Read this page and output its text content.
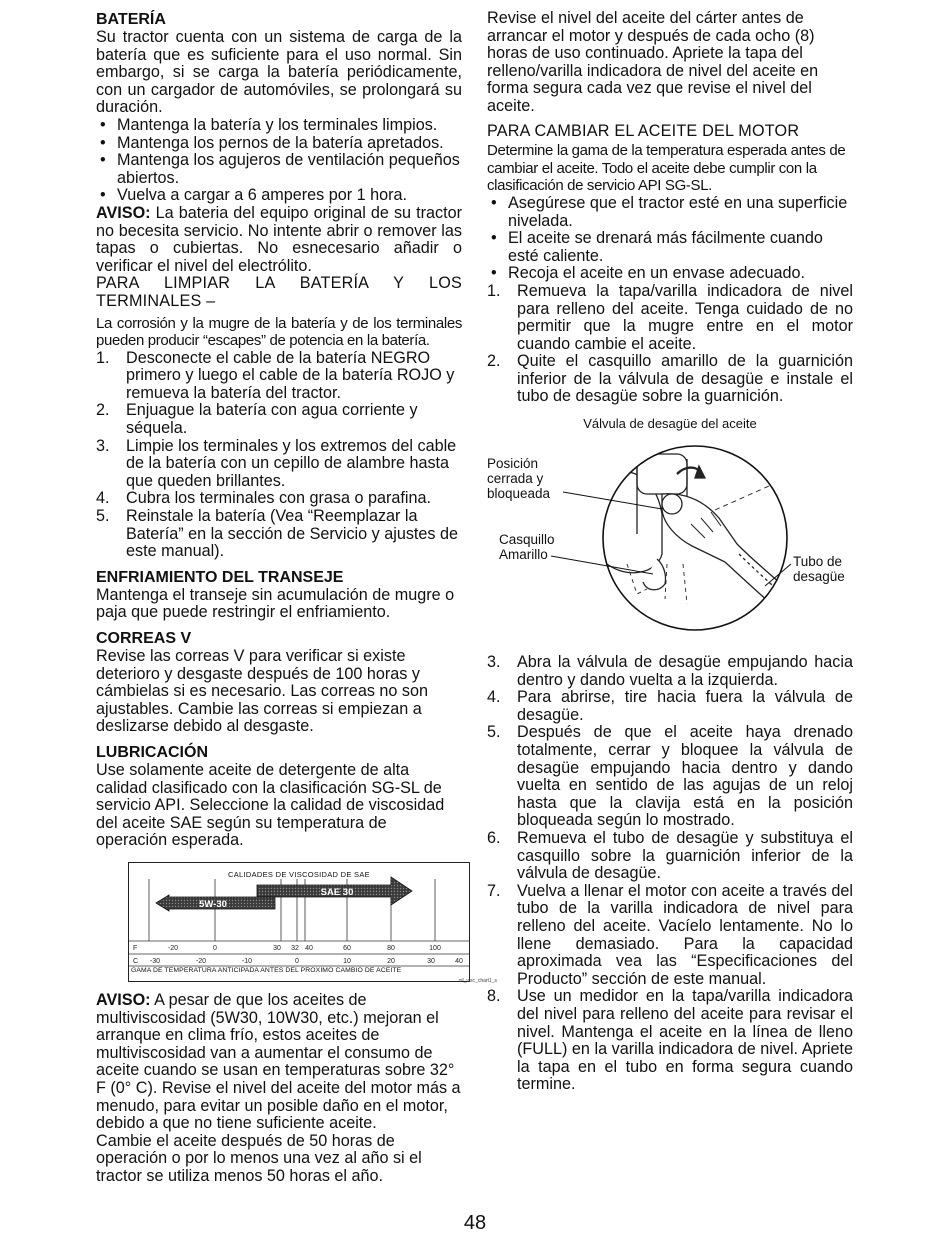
BATERÍA

Su tractor cuenta con un sistema de carga de la batería que es suficiente para el uso normal. Sin embargo, si se carga la batería periódicamente, con un cargador de automóviles, se prolongará su duración.

• Mantenga la batería y los terminales limpios.
• Mantenga los pernos de la batería apretados.
• Mantenga los agujeros de ventilación pequeños abiertos.
• Vuelva a cargar a 6 amperes por 1 hora.

AVISO: La bateria del equipo original de su tractor no becesita servicio. No intente abrir o remover las tapas o cubiertas. No esnecesario añadir o verificar el nivel del electrólito.

PARA LIMPIAR LA BATERÍA Y LOS TERMINALES –

La corrosión y la mugre de la batería y de los terminales pueden producir “escapes” de potencia en la batería.

1. Desconecte el cable de la batería NEGRO primero y luego el cable de la batería ROJO y remueva la batería del tractor.
2. Enjuague la batería con agua corriente y séquela.
3. Limpie los terminales y los extremos del cable de la batería con un cepillo de alambre hasta que queden brillantes.
4. Cubra los terminales con grasa o parafina.
5. Reinstale la batería (Vea “Reemplazar la Batería” en la sección de Servicio y ajustes de este manual).

ENFRIAMIENTO DEL TRANSEJE

Mantenga el transeje sin acumulación de mugre o paja que puede restringir el enfriamiento.

CORREAS V

Revise las correas V para verificar si existe deterioro y desgaste después de 100 horas y cámbielas si es necesario. Las correas no son ajustables. Cambie las correas si empiezan a deslizarse debido al desgaste.

LUBRICACIÓN

Use solamente aceite de detergente de alta calidad clasificado con la clasificación SG-SL de servicio API. Seleccione la calidad de viscosidad del aceite SAE según su temperatura de operación esperada.

CALIDADES DE VISCOSIDAD DE SAE
SAE 30
5W-30
F	-20	0	30 32 40	60	80	100
C -30	-20	-10	0	10	20	30	40
GAMA DE TEMPERATURA ANTICIPADA ANTES DEL PROXIMO CAMBIO DE ACEITE
oil_visc_chart1_s

AVISO: A pesar de que los aceites de multiviscosidad (5W30, 10W30, etc.) mejoran el arranque en clima frío, estos aceites de multiviscosidad van a aumentar el consumo de aceite cuando se usan en temperaturas sobre 32° F (0° C). Revise el nivel del aceite del motor más a menudo, para evitar un posible daño en el motor, debido a que no tiene suficiente aceite.

Cambie el aceite después de 50 horas de operación o por lo menos una vez al año si el tractor se utiliza menos 50 horas el año.

Revise el nivel del aceite del cárter antes de arrancar el motor y después de cada ocho (8) horas de uso continuado. Apriete la tapa del relleno/varilla indicadora de nivel del aceite en forma segura cada vez que revise el nivel del aceite.

PARA CAMBIAR EL ACEITE DEL MOTOR

Determine la gama de la temperatura esperada antes de cambiar el aceite. Todo el aceite debe cumplir con la clasificación de servicio API SG-SL.

• Asegúrese que el tractor esté en una superficie nivelada.
• El aceite se drenará más fácilmente cuando esté caliente.
• Recoja el aceite en un envase adecuado.
1. Remueva la tapa/varilla indicadora de nivel para relleno del aceite. Tenga cuidado de no permitir que la mugre entre en el motor cuando cambie el aceite.
2. Quite el casquillo amarillo de la guarnición inferior de la válvula de desagüe e instale el tubo de desagüe sobre la guarnición.
Válvula de desagüe del aceite
Posición
cerrada y
bloqueada
Casquillo
Amarillo	Tubo de
desagüe
3. Abra la válvula de desagüe empujando hacia dentro y dando vuelta a la izquierda.
4. Para abrirse, tire hacia fuera la válvula de desagüe.
5. Después de que el aceite haya drenado totalmente, cerrar y bloquee la válvula de desagüe empujando hacia dentro y dando vuelta en sentido de las agujas de un reloj hasta que la clavija está en la posición bloqueada según lo mostrado.
6. Remueva el tubo de desagüe y substituya el casquillo sobre la guarnición inferior de la válvula de desagüe.
7. Vuelva a llenar el motor con aceite a través del tubo de la varilla indicadora de nivel para relleno del aceite. Vacíelo lentamente. No lo llene demasiado. Para la capacidad aproximada vea las “Especificaciones del Producto” sección de este manual.
8. Use un medidor en la tapa/varilla indicadora del nivel para relleno del aceite para revisar el nivel. Mantenga el aceite en la línea de lleno (FULL) en la varilla indicadora de nivel. Apriete la tapa en el tubo en forma segura cuando termine.
48
